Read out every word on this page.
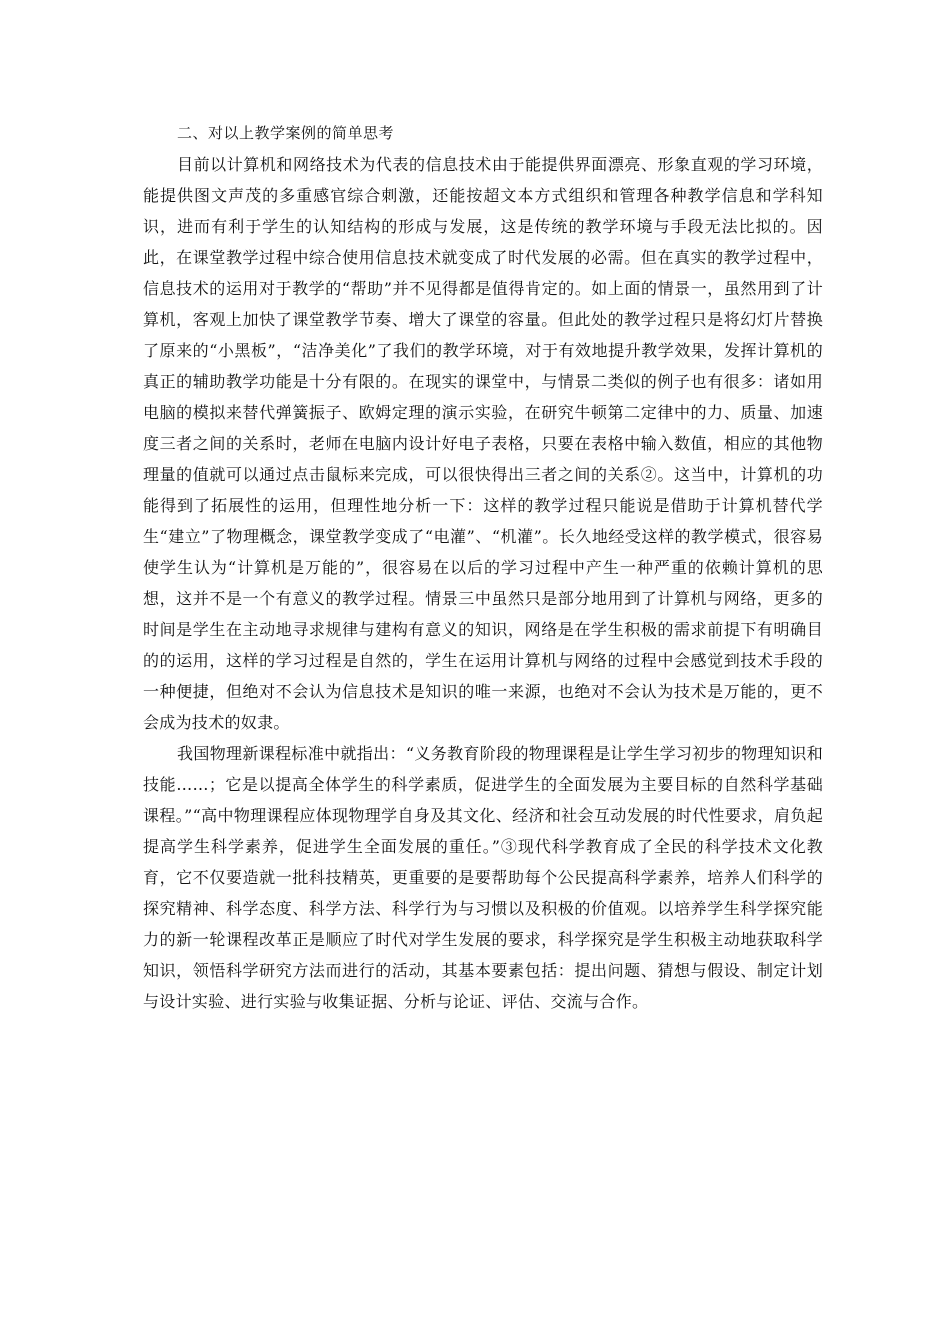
二、对以上教学案例的简单思考

目前以计算机和网络技术为代表的信息技术由于能提供界面漂亮、形象直观的学习环境，能提供图文声茂的多重感官综合刺激，还能按超文本方式组织和管理各种教学信息和学科知识，进而有利于学生的认知结构的形成与发展，这是传统的教学环境与手段无法比拟的。因此，在课堂教学过程中综合使用信息技术就变成了时代发展的必需。但在真实的教学过程中，信息技术的运用对于教学的“帮助”并不见得都是值得肯定的。如上面的情景一，虽然用到了计算机，客观上加快了课堂教学节奏、增大了课堂的容量。但此处的教学过程只是将幻灯片替换了原来的“小黑板”，“洁净美化”了我们的教学环境，对于有效地提升教学效果，发挥计算机的真正的辅助教学功能是十分有限的。在现实的课堂中，与情景二类似的例子也有很多：诸如用电脑的模拟来替代弹簧振子、欧姆定理的演示实验，在研究牛顿第二定律中的力、质量、加速度三者之间的关系时，老师在电脑内设计好电子表格，只要在表格中输入数值，相应的其他物理量的值就可以通过点击鼠标来完成，可以很快得出三者之间的关系②。这当中，计算机的功能得到了拓展性的运用，但理性地分析一下：这样的教学过程只能说是借助于计算机替代学生“建立”了物理概念，课堂教学变成了“电灌”、“机灌”。长久地经受这样的教学模式，很容易使学生认为“计算机是万能的”，很容易在以后的学习过程中产生一种严重的依赖计算机的思想，这并不是一个有意义的教学过程。情景三中虽然只是部分地用到了计算机与网络，更多的时间是学生在主动地寻求规律与建构有意义的知识，网络是在学生积极的需求前提下有明确目的的运用，这样的学习过程是自然的，学生在运用计算机与网络的过程中会感觉到技术手段的一种便捷，但绝对不会认为信息技术是知识的唯一来源，也绝对不会认为技术是万能的，更不会成为技术的奴隶。

我国物理新课程标准中就指出：“义务教育阶段的物理课程是让学生学习初步的物理知识和技能……；它是以提高全体学生的科学素质，促进学生的全面发展为主要目标的自然科学基础课程。”“高中物理课程应体现物理学自身及其文化、经济和社会互动发展的时代性要求，肩负起提高学生科学素养，促进学生全面发展的重任。”③现代科学教育成了全民的科学技术文化教育，它不仅要造就一批科技精英，更重要的是要帮助每个公民提高科学素养，培养人们科学的探究精神、科学态度、科学方法、科学行为与习惯以及积极的价值观。以培养学生科学探究能力的新一轮课程改革正是顺应了时代对学生发展的要求，科学探究是学生积极主动地获取科学知识，领悟科学研究方法而进行的活动，其基本要素包括：提出问题、猜想与假设、制定计划与设计实验、进行实验与收集证据、分析与论证、评估、交流与合作。
